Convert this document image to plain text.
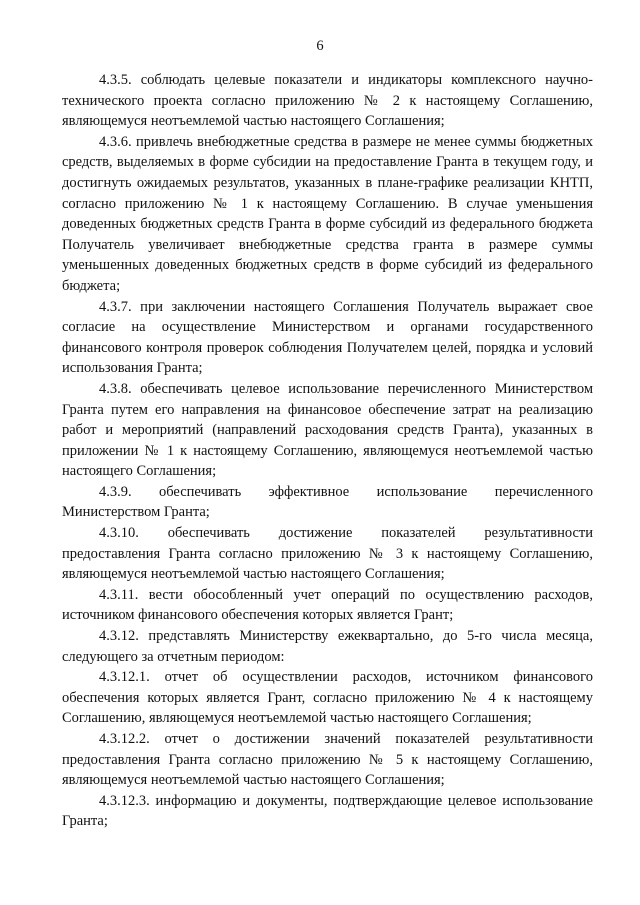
6

4.3.5. соблюдать целевые показатели и индикаторы комплексного научно-технического проекта согласно приложению № 2 к настоящему Соглашению, являющемуся неотъемлемой частью настоящего Соглашения;

4.3.6. привлечь внебюджетные средства в размере не менее суммы бюджетных средств, выделяемых в форме субсидии на предоставление Гранта в текущем году, и достигнуть ожидаемых результатов, указанных в плане-графике реализации КНТП, согласно приложению № 1 к настоящему Соглашению. В случае уменьшения доведенных бюджетных средств Гранта в форме субсидий из федерального бюджета Получатель увеличивает внебюджетные средства гранта в размере суммы уменьшенных доведенных бюджетных средств в форме субсидий из федерального бюджета;

4.3.7. при заключении настоящего Соглашения Получатель выражает свое согласие на осуществление Министерством и органами государственного финансового контроля проверок соблюдения Получателем целей, порядка и условий использования Гранта;

4.3.8. обеспечивать целевое использование перечисленного Министерством Гранта путем его направления на финансовое обеспечение затрат на реализацию работ и мероприятий (направлений расходования средств Гранта), указанных в приложении № 1 к настоящему Соглашению, являющемуся неотъемлемой частью настоящего Соглашения;

4.3.9. обеспечивать эффективное использование перечисленного Министерством Гранта;

4.3.10. обеспечивать достижение показателей результативности предоставления Гранта согласно приложению № 3 к настоящему Соглашению, являющемуся неотъемлемой частью настоящего Соглашения;

4.3.11. вести обособленный учет операций по осуществлению расходов, источником финансового обеспечения которых является Грант;

4.3.12. представлять Министерству ежеквартально, до 5-го числа месяца, следующего за отчетным периодом:

4.3.12.1. отчет об осуществлении расходов, источником финансового обеспечения которых является Грант, согласно приложению № 4 к настоящему Соглашению, являющемуся неотъемлемой частью настоящего Соглашения;

4.3.12.2. отчет о достижении значений показателей результативности предоставления Гранта согласно приложению № 5 к настоящему Соглашению, являющемуся неотъемлемой частью настоящего Соглашения;

4.3.12.3. информацию и документы, подтверждающие целевое использование Гранта;
